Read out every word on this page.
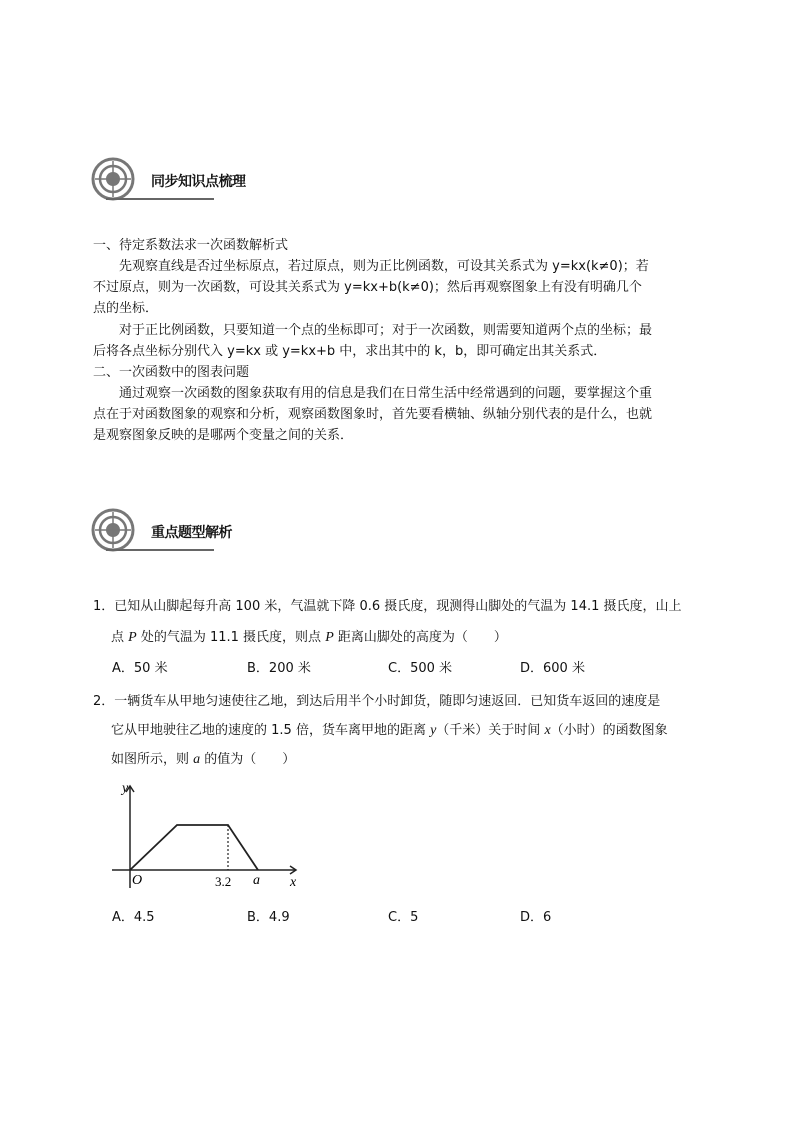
同步知识点梳理
一、待定系数法求一次函数解析式
先观察直线是否过坐标原点，若过原点，则为正比例函数，可设其关系式为 y=kx(k≠0)；若
不过原点，则为一次函数，可设其关系式为 y=kx+b(k≠0)；然后再观察图象上有没有明确几个
点的坐标．
对于正比例函数，只要知道一个点的坐标即可；对于一次函数，则需要知道两个点的坐标；最
后将各点坐标分别代入 y=kx 或 y=kx+b 中，求出其中的 k，b，即可确定出其关系式．
二、一次函数中的图表问题
通过观察一次函数的图象获取有用的信息是我们在日常生活中经常遇到的问题，要掌握这个重
点在于对函数图象的观察和分析，观察函数图象时，首先要看横轴、纵轴分别代表的是什么，也就
是观察图象反映的是哪两个变量之间的关系．
重点题型解析
1．已知从山脚起每升高 100 米，气温就下降 0.6 摄氏度，现测得山脚处的气温为 14.1 摄氏度，山上
点 P 处的气温为 11.1 摄氏度，则点 P 距离山脚处的高度为（　　）
A．50 米	B．200 米	C．500 米	D．600 米
2．一辆货车从甲地匀速使往乙地，到达后用半个小时卸货，随即匀速返回．已知货车返回的速度是
它从甲地驶往乙地的速度的 1.5 倍，货车离甲地的距离 y（千米）关于时间 x（小时）的函数图象
如图所示，则 a 的值为（　　）
y
x
O	3.2 a
A．4.5	B．4.9	C．5	D．6
